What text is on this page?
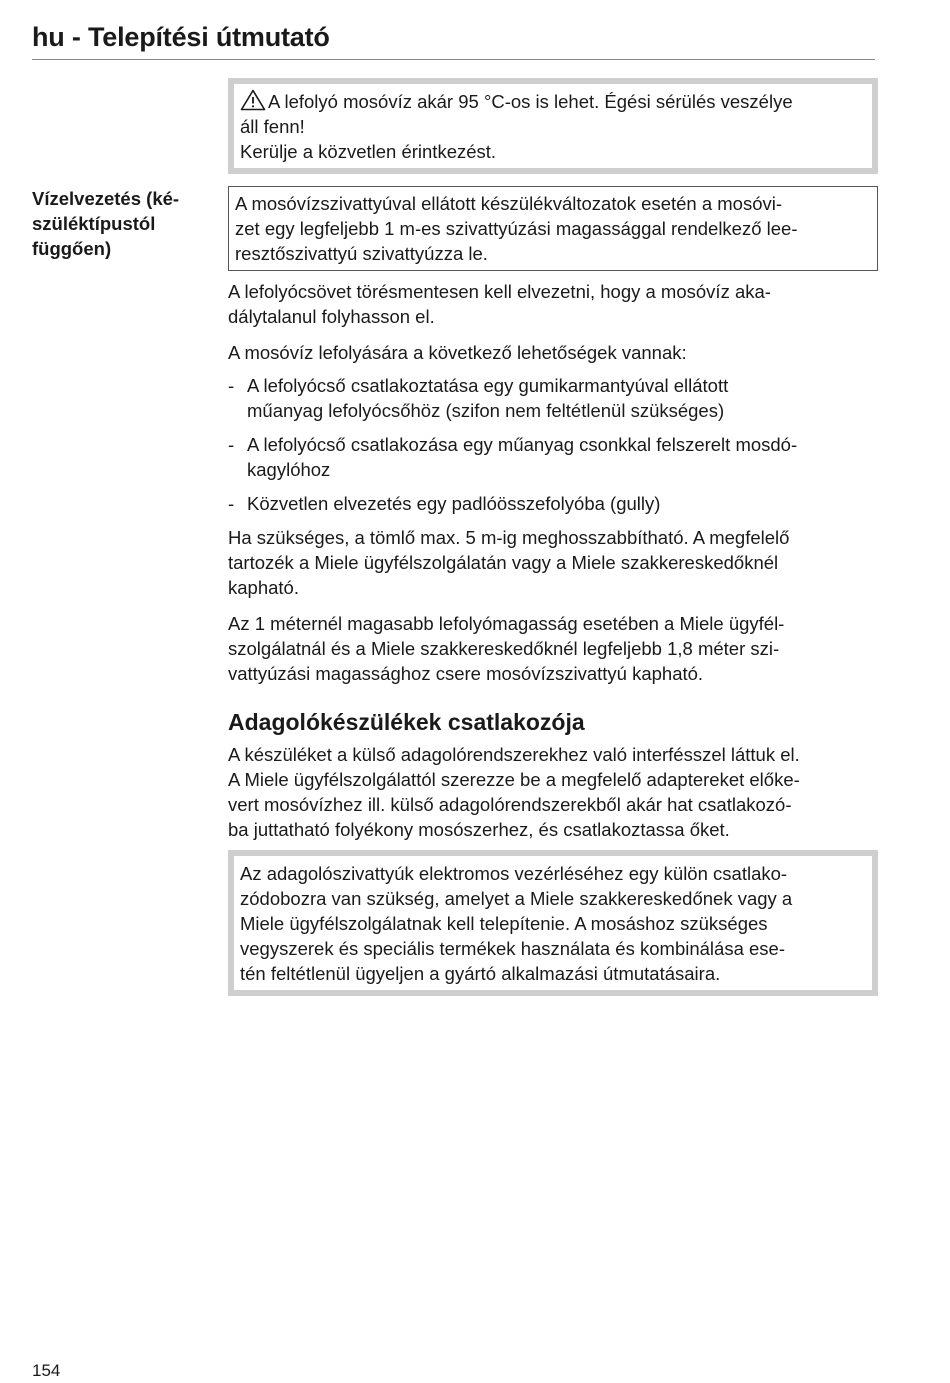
hu - Telepítési útmutató
Vízelvezetés (ké-
szüléktípustól
függően)
A lefolyó mosóvíz akár 95 °C-os is lehet. Égési sérülés veszélye
áll fenn!
Kerülje a közvetlen érintkezést.
A mosóvízszivattyúval ellátott készülékváltozatok esetén a mosóvi-
zet egy legfeljebb 1 m-es szivattyúzási magassággal rendelkező lee-
resztőszivattyú szivattyúzza le.

A lefolyócsövet törésmentesen kell elvezetni, hogy a mosóvíz aka-

dálytalanul folyhasson el.

A mosóvíz lefolyására a következő lehetőségek vannak:

- A lefolyócső csatlakoztatása egy gumikarmantyúval ellátott
műanyag lefolyócsőhöz (szifon nem feltétlenül szükséges)
- A lefolyócső csatlakozása egy műanyag csonkkal felszerelt mosdó-
kagylóhoz
- Közvetlen elvezetés egy padlóösszefolyóba (gully)

Ha szükséges, a tömlő max. 5 m-ig meghosszabbítható. A megfelelő

tartozék a Miele ügyfélszolgálatán vagy a Miele szakkereskedőknél

kapható.

Az 1 méternél magasabb lefolyómagasság esetében a Miele ügyfél-

szolgálatnál és a Miele szakkereskedőknél legfeljebb 1,8 méter szi-

vattyúzási magassághoz csere mosóvízszivattyú kapható.

Adagolókészülékek csatlakozója

A készüléket a külső adagolórendszerekhez való interfésszel láttuk el.

A Miele ügyfélszolgálattól szerezze be a megfelelő adaptereket előke-

vert mosóvízhez ill. külső adagolórendszerekből akár hat csatlakozó-

ba juttatható folyékony mosószerhez, és csatlakoztassa őket.

Az adagolószivattyúk elektromos vezérléséhez egy külön csatlako-
zódobozra van szükség, amelyet a Miele szakkereskedőnek vagy a
Miele ügyfélszolgálatnak kell telepítenie. A mosáshoz szükséges
vegyszerek és speciális termékek használata és kombinálása ese-
tén feltétlenül ügyeljen a gyártó alkalmazási útmutatásaira.
154
